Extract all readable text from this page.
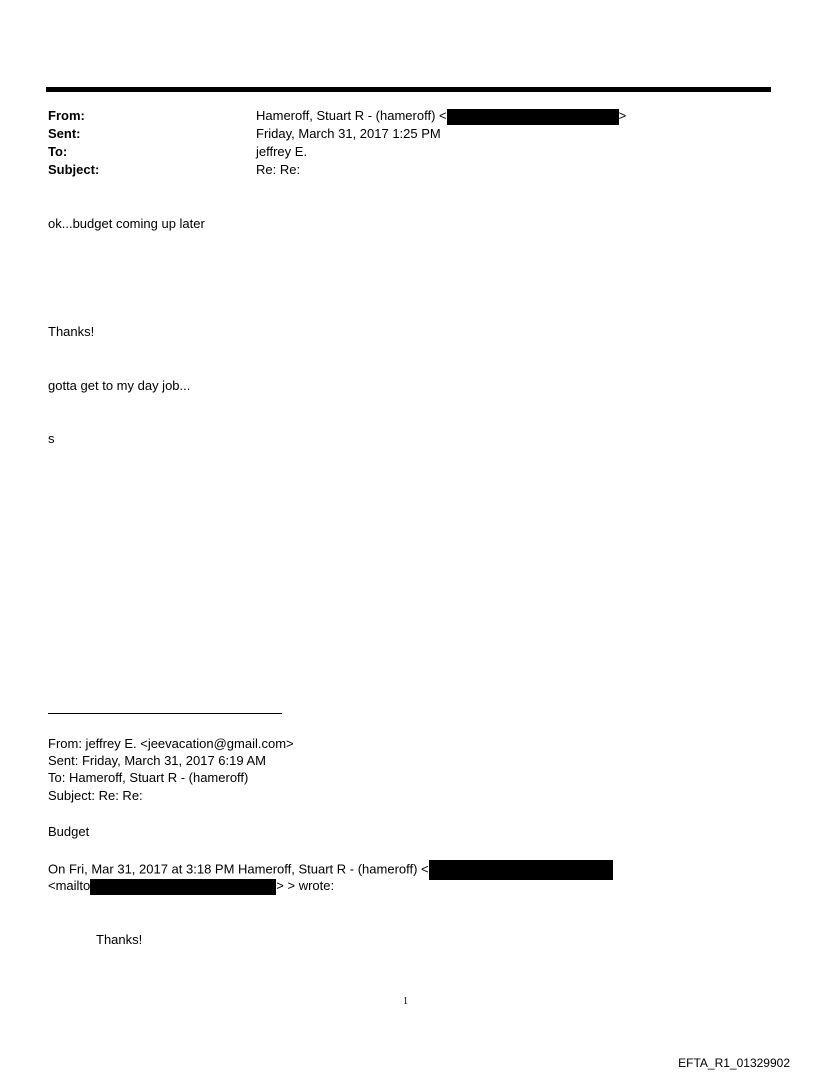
From:
Sent:
To:
Subject:
Hameroff, Stuart R - (hameroff) <	>
Friday, March 31, 2017 1:25 PM
jeffrey E.
Re: Re:
ok...budget coming up later
Thanks!
gotta get to my day job...
s
From: jeffrey E. <jeevacation@gmail.com>
Sent: Friday, March 31, 2017 6:19 AM
To: Hameroff, Stuart R - (hameroff)
Subject: Re: Re:
Budget
On Fri, Mar 31, 2017 at 3:18 PM Hameroff, Stuart R - (hameroff) <
<mailto	> > wrote:
Thanks!
1
EFTA_R1_01329902
